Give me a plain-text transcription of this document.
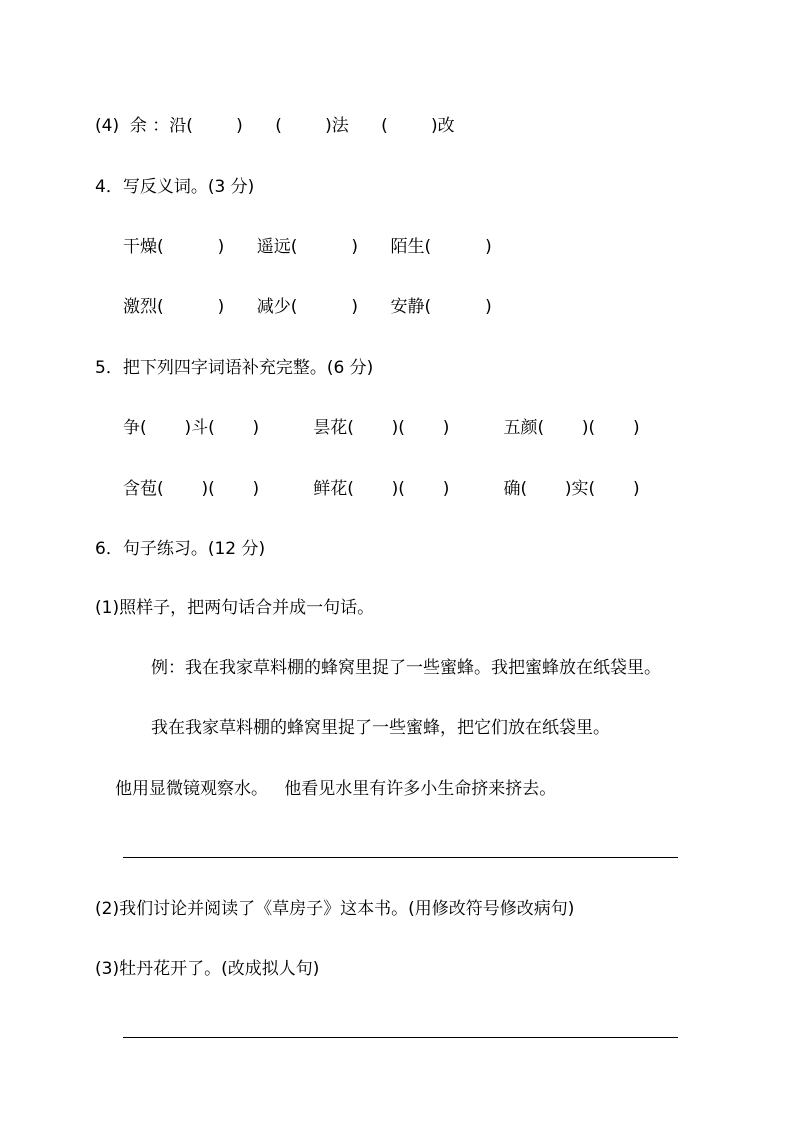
(4)  余 ：沿(        )      (        )法      (        )改
4．写反义词。(3 分)
干燥(          )      遥远(          )      陌生(          )
激烈(          )      减少(          )      安静(          )
5．把下列四字词语补充完整。(6 分)
争(       )斗(       )          昙花(       )(       )          五颜(       )(       )
含苞(       )(       )          鲜花(       )(       )          确(       )实(       )
6．句子练习。(12 分)
(1)照样子，把两句话合并成一句话。
例：我在我家草料棚的蜂窝里捉了一些蜜蜂。我把蜜蜂放在纸袋里。
我在我家草料棚的蜂窝里捉了一些蜜蜂，把它们放在纸袋里。
他用显微镜观察水。   他看见水里有许多小生命挤来挤去。
(2)我们讨论并阅读了《草房子》这本书。(用修改符号修改病句)
(3)牡丹花开了。(改成拟人句)
